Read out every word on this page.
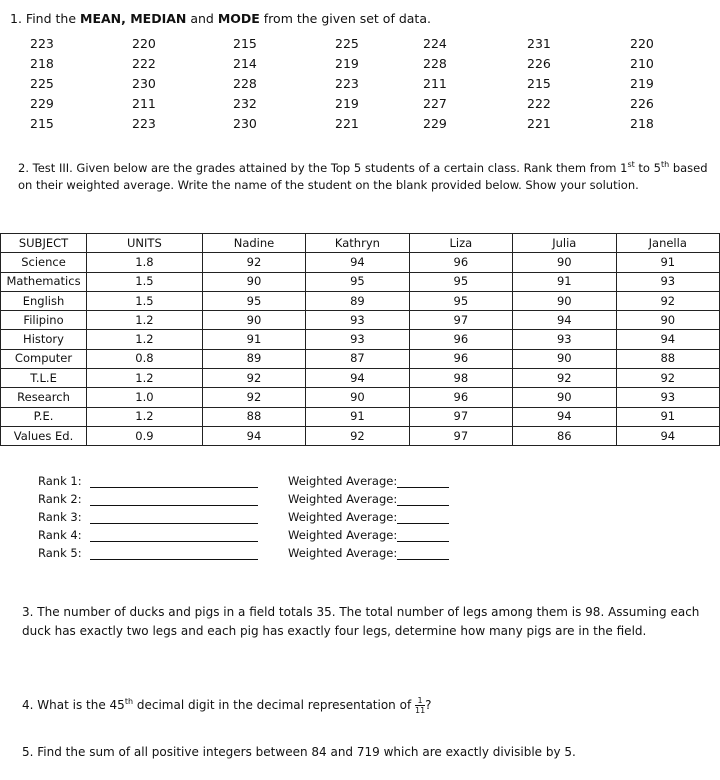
1. Find the MEAN, MEDIAN and MODE from the given set of data.
223	220	215	225	224	231	220
218	222	214	219	228	226	210
225	230	228	223	211	215	219
229	211	232	219	227	222	226
215	223	230	221	229	221	218
2. Test III. Given below are the grades attained by the Top 5 students of a certain class. Rank them from 1st to 5th based on their weighted average. Write the name of the student on the blank provided below. Show your solution.
SUBJECT	UNITS	Nadine	Kathryn	Liza	Julia	Janella
Science	1.8	92	94	96	90	91
Mathematics	1.5	90	95	95	91	93
English	1.5	95	89	95	90	92
Filipino	1.2	90	93	97	94	90
History	1.2	91	93	96	93	94
Computer	0.8	89	87	96	90	88
T.L.E	1.2	92	94	98	92	92
Research	1.0	92	90	96	90	93
P.E.	1.2	88	91	97	94	91
Values Ed.	0.9	94	92	97	86	94
Rank 1:	Weighted Average:
Rank 2:	Weighted Average:
Rank 3:	Weighted Average:
Rank 4:	Weighted Average:
Rank 5:	Weighted Average:
3. The number of ducks and pigs in a field totals 35. The total number of legs among them is 98. Assuming each duck has exactly two legs and each pig has exactly four legs, determine how many pigs are in the field.
4. What is the 45th decimal digit in the decimal representation of $\frac{1}{11}$ ?
5. Find the sum of all positive integers between 84 and 719 which are exactly divisible by 5.
